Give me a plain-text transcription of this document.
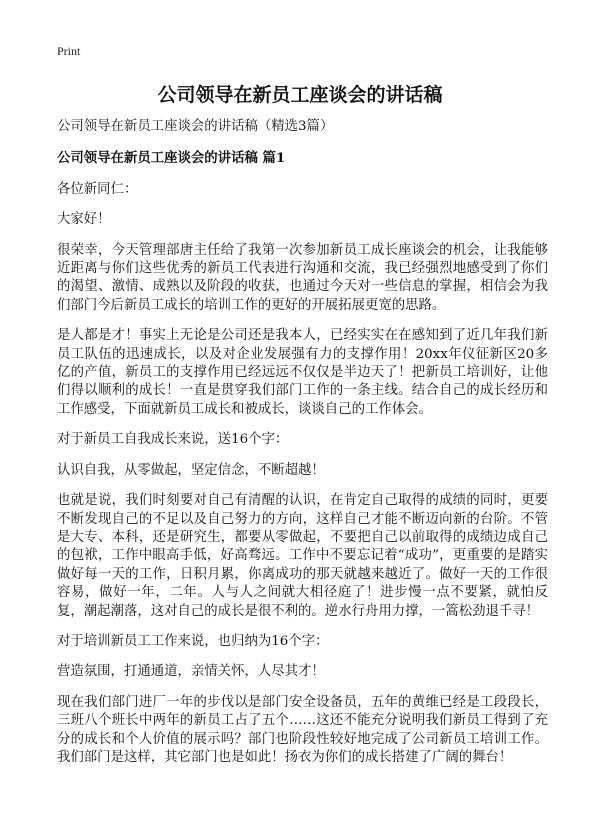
Print
公司领导在新员工座谈会的讲话稿

公司领导在新员工座谈会的讲话稿（精选3篇）

公司领导在新员工座谈会的讲话稿 篇1

各位新同仁：

大家好！

很荣幸，今天管理部唐主任给了我第一次参加新员工成长座谈会的机会，让我能够近距离与你们这些优秀的新员工代表进行沟通和交流，我已经强烈地感受到了你们的渴望、激情、成熟以及阶段的收获，也通过今天对一些信息的掌握，相信会为我们部门今后新员工成长的培训工作的更好的开展拓展更宽的思路。

是人都是才！事实上无论是公司还是我本人，已经实实在在感知到了近几年我们新员工队伍的迅速成长，以及对企业发展强有力的支撑作用！20xx年仪征新区20多亿的产值，新员工的支撑作用已经远远不仅仅是半边天了！把新员工培训好，让他们得以顺利的成长！一直是贯穿我们部门工作的一条主线。结合自己的成长经历和工作感受，下面就新员工成长和被成长，谈谈自己的工作体会。

对于新员工自我成长来说，送16个字：

认识自我，从零做起，坚定信念，不断超越！

也就是说，我们时刻要对自己有清醒的认识，在肯定自己取得的成绩的同时，更要不断发现自己的不足以及自己努力的方向，这样自己才能不断迈向新的台阶。不管是大专、本科，还是研究生，都要从零做起，不要把自己以前取得的成绩边成自己的包袱，工作中眼高手低，好高骛远。工作中不要忘记着“成功”，更重要的是踏实做好每一天的工作，日积月累，你离成功的那天就越来越近了。做好一天的工作很容易，做好一年，二年。人与人之间就大相径庭了！进步慢一点不要紧，就怕反复，潮起潮落，这对自己的成长是很不利的。逆水行舟用力撑，一篙松劲退千寻！

对于培训新员工工作来说，也归纳为16个字：

营造氛围，打通通道，亲情关怀，人尽其才！

现在我们部门进厂一年的步伐以是部门安全设备员，五年的黄维已经是工段段长，三班八个班长中两年的新员工占了五个……这还不能充分说明我们新员工得到了充分的成长和个人价值的展示吗？部门也阶段性较好地完成了公司新员工培训工作。我们部门是这样，其它部门也是如此！扬衣为你们的成长搭建了广阔的舞台！
